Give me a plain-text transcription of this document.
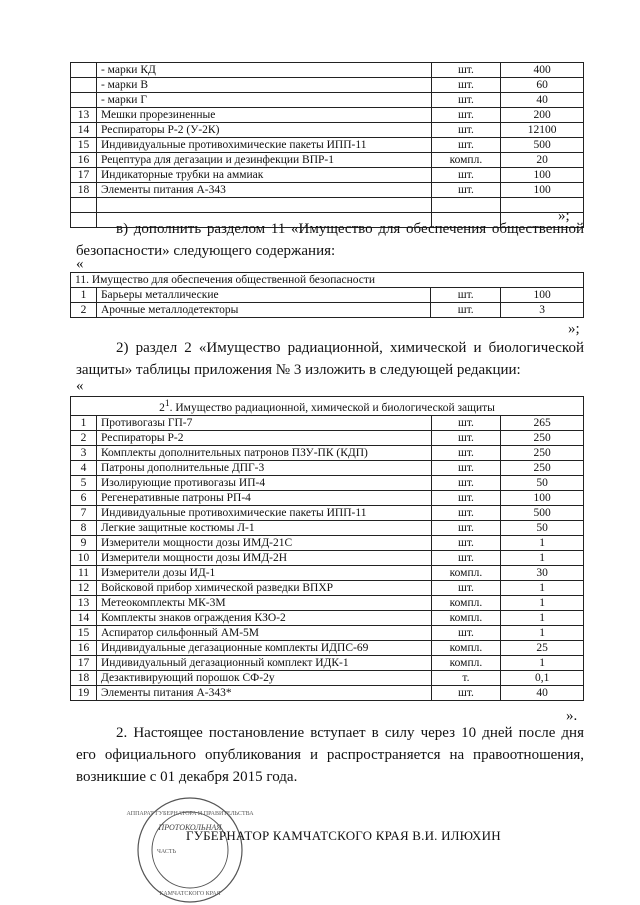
	- марки КД	шт.	400
	- марки В	шт.	60
	- марки Г	шт.	40
13	Мешки прорезиненные	шт.	200
14	Респираторы Р-2 (У-2К)	шт.	12100
15	Индивидуальные противохимические пакеты ИПП-11	шт.	500
16	Рецептура для дегазации и дезинфекции ВПР-1	компл.	20
17	Индикаторные трубки на аммиак	шт.	100
18	Элементы питания А-343	шт.	100

»;
в) дополнить разделом 11 «Имущество для обеспечения общественной безопасности» следующего содержания:
«
11. Имущество для обеспечения общественной безопасности			
1	Барьеры металлические	шт.	100
2	Арочные металлодетекторы	шт.	3
»;
2) раздел 2 «Имущество радиационной, химической и биологической защиты» таблицы приложения № 3 изложить в следующей редакции:
«
$2^1$. Имущество радиационной, химической и биологической защиты			
1	Противогазы ГП-7	шт.	265
2	Респираторы Р-2	шт.	250
3	Комплекты дополнительных патронов ПЗУ-ПК (КДП)	шт.	250
4	Патроны дополнительные ДПГ-3	шт.	250
5	Изолирующие противогазы ИП-4	шт.	50
6	Регенеративные патроны РП-4	шт.	100
7	Индивидуальные противохимические пакеты ИПП-11	шт.	500
8	Легкие защитные костюмы Л-1	шт.	50
9	Измерители мощности дозы ИМД-21С	шт.	1
10	Измерители мощности дозы ИМД-2Н	шт.	1
11	Измерители дозы ИД-1	компл.	30
12	Войсковой прибор химической разведки ВПХР	шт.	1
13	Метеокомплекты МК-3М	компл.	1
14	Комплекты знаков ограждения КЗО-2	компл.	1
15	Аспиратор сильфонный АМ-5М	шт.	1
16	Индивидуальные дегазационные комплекты ИДПС-69	компл.	25
17	Индивидуальный дегазационный комплект ИДК-1	компл.	1
18	Дезактивирующий порошок СФ-2у	т.	0,1
19	Элементы питания А-343*	шт.	40
».
2. Настоящее постановление вступает в силу через 10 дней после дня его официального опубликования и распространяется на правоотношения, возникшие с 01 декабря 2015 года.
ПРОТОКОЛЬНАЯ
АППАРАТ ГУБЕРНАТОРА И ПРАВИТЕЛЬСТВА
КАМЧАТСКОГО КРАЯ
ЧАСТЬ
ГУБЕРНАТОР КАМЧАТСКОГО КРАЯ В.И. ИЛЮХИН
